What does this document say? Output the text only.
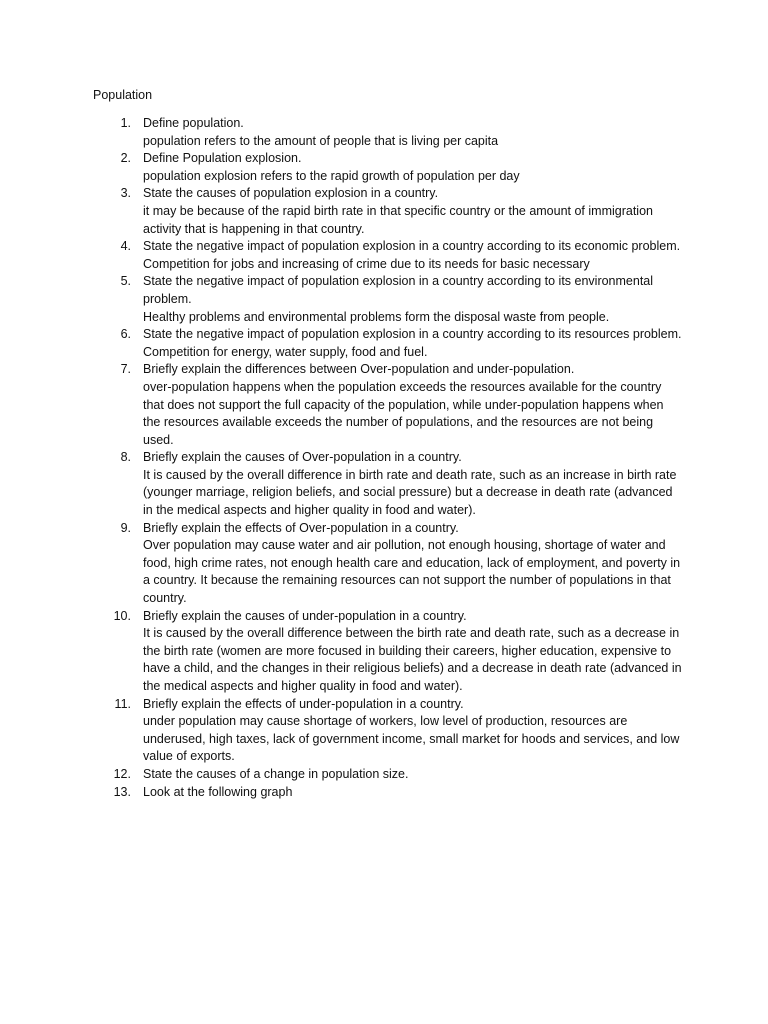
Population
1. Define population.
population refers to the amount of people that is living per capita
2. Define Population explosion.
population explosion refers to the rapid growth of population per day
3. State the causes of population explosion in a country.
it may be because of the rapid birth rate in that specific country or the amount of immigration activity that is happening in that country.
4. State the negative impact of population explosion in a country according to its economic problem.
Competition for jobs and increasing of crime due to its needs for basic necessary
5. State the negative impact of population explosion in a country according to its environmental problem.
Healthy problems and environmental problems form the disposal waste from people.
6. State the negative impact of population explosion in a country according to its resources problem.
Competition for energy, water supply, food and fuel.
7. Briefly explain the differences between Over-population and under-population.
over-population happens when the population exceeds the resources available for the country that does not support the full capacity of the population, while under-population happens when the resources available exceeds the number of populations, and the resources are not being used.
8. Briefly explain the causes of Over-population in a country.
It is caused by the overall difference in birth rate and death rate, such as an increase in birth rate (younger marriage, religion beliefs, and social pressure) but a decrease in death rate (advanced in the medical aspects and higher quality in food and water).
9. Briefly explain the effects of Over-population in a country.
Over population may cause water and air pollution, not enough housing, shortage of water and food, high crime rates, not enough health care and education, lack of employment, and poverty in a country. It because the remaining resources can not support the number of populations in that country.
10. Briefly explain the causes of under-population in a country.
It is caused by the overall difference between the birth rate and death rate, such as a decrease in the birth rate (women are more focused in building their careers, higher education, expensive to have a child, and the changes in their religious beliefs) and a decrease in death rate (advanced in the medical aspects and higher quality in food and water).
11. Briefly explain the effects of under-population in a country.
under population may cause shortage of workers, low level of production, resources are underused, high taxes, lack of government income, small market for hoods and services, and low value of exports.
12. State the causes of a change in population size.
13. Look at the following graph
